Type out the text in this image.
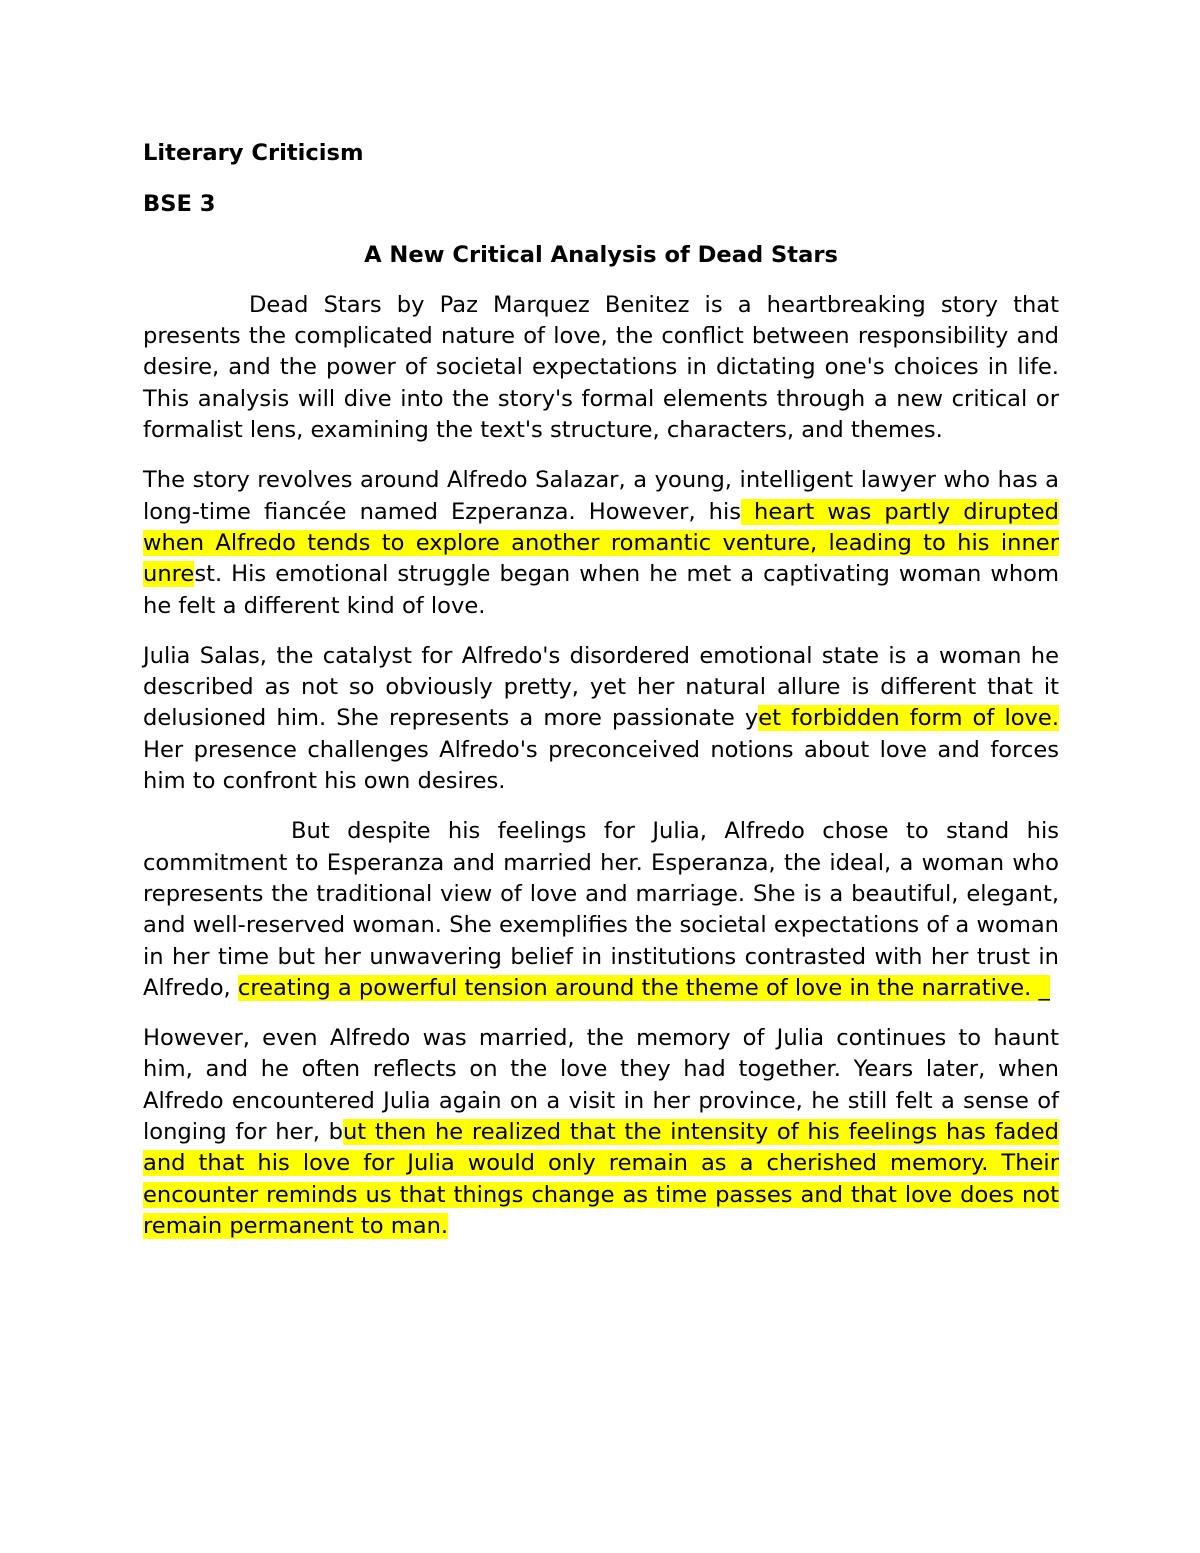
Literary Criticism

BSE 3

A New Critical Analysis of Dead Stars

Dead Stars by Paz Marquez Benitez is a heartbreaking story that presents the complicated nature of love, the conflict between responsibility and desire, and the power of societal expectations in dictating one's choices in life. This analysis will dive into the story's formal elements through a new critical or formalist lens, examining the text's structure, characters, and themes.

The story revolves around Alfredo Salazar, a young, intelligent lawyer who has a long-time fiancée named Ezperanza. However, his heart was partly dirupted when Alfredo tends to explore another romantic venture, leading to his inner unrest. His emotional struggle began when he met a captivating woman whom he felt a different kind of love.

Julia Salas, the catalyst for Alfredo's disordered emotional state is a woman he described as not so obviously pretty, yet her natural allure is different that it delusioned him. She represents a more passionate yet forbidden form of love. Her presence challenges Alfredo's preconceived notions about love and forces him to confront his own desires.

But despite his feelings for Julia, Alfredo chose to stand his commitment to Esperanza and married her. Esperanza, the ideal, a woman who represents the traditional view of love and marriage. She is a beautiful, elegant, and well-reserved woman. She exemplifies the societal expectations of a woman in her time but her unwavering belief in institutions contrasted with her trust in Alfredo, creating a powerful tension around the theme of love in the narrative. _

However, even Alfredo was married, the memory of Julia continues to haunt him, and he often reflects on the love they had together. Years later, when Alfredo encountered Julia again on a visit in her province, he still felt a sense of longing for her, but then he realized that the intensity of his feelings has faded and that his love for Julia would only remain as a cherished memory. Their encounter reminds us that things change as time passes and that love does not remain permanent to man.
